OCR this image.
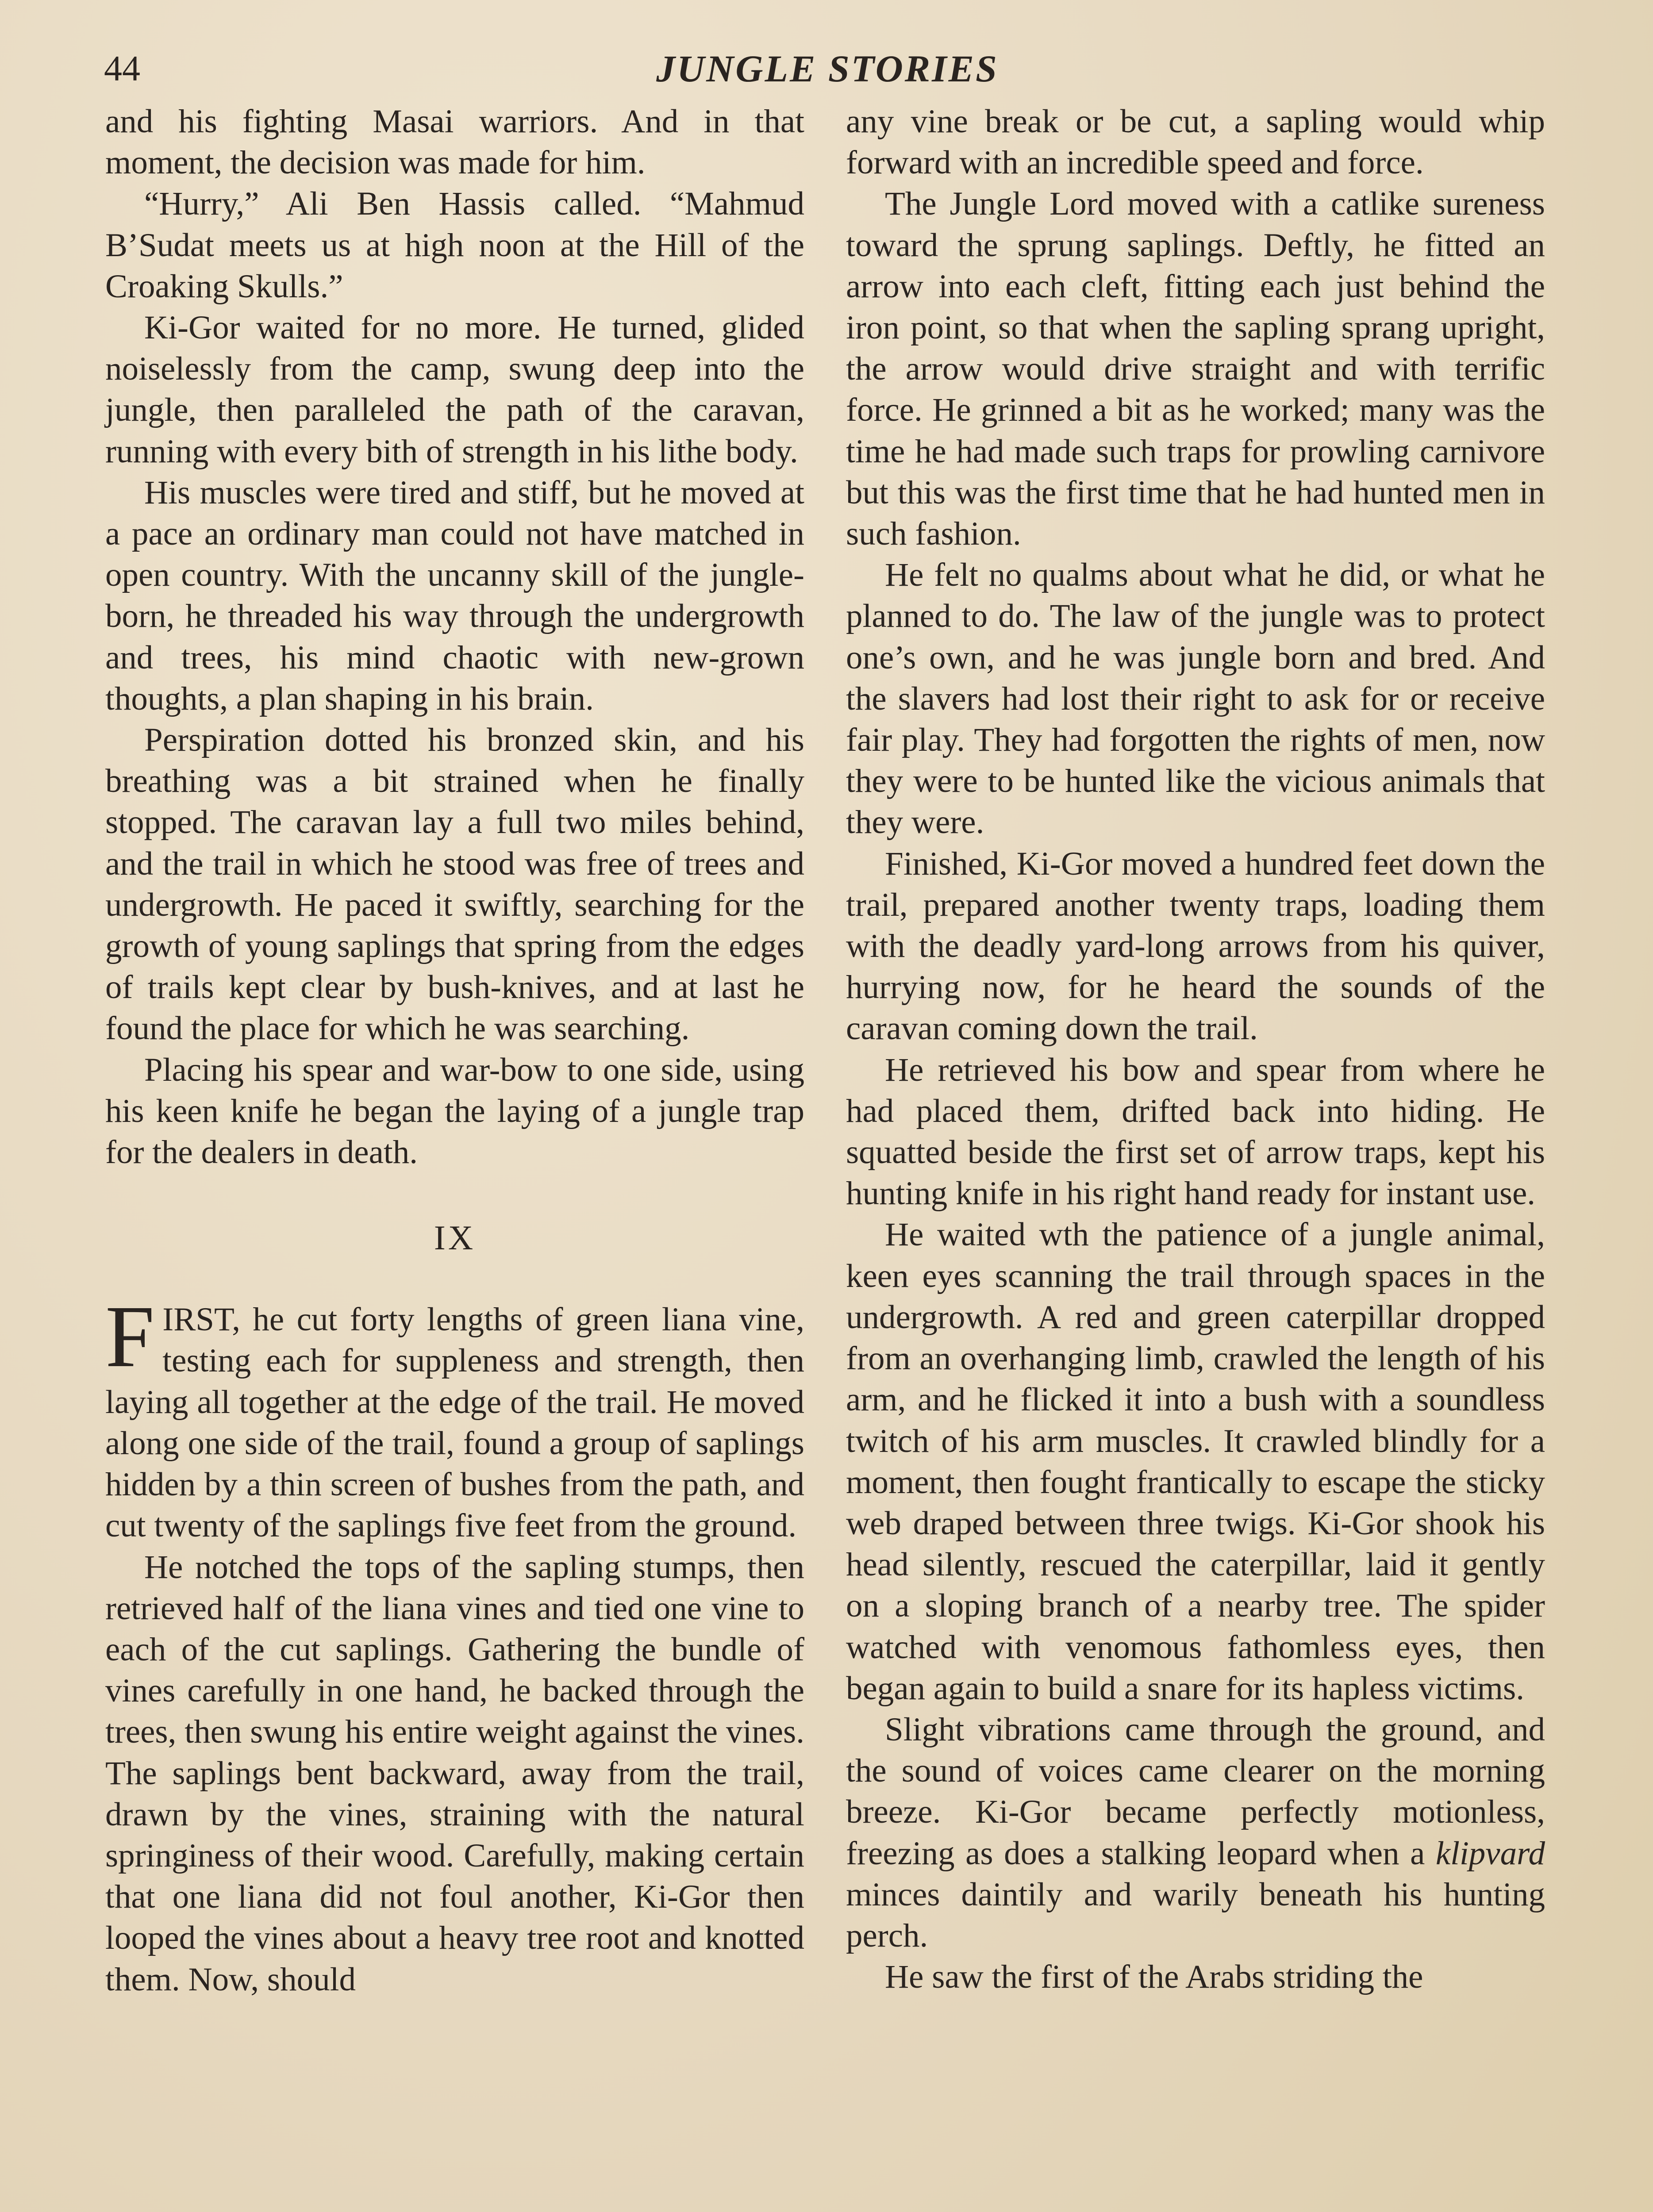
44	JUNGLE STORIES

and his fighting Masai warriors. And in that moment, the decision was made for him.

“Hurry,” Ali Ben Hassis called. “Mahmud B’Sudat meets us at high noon at the Hill of the Croaking Skulls.”

Ki-Gor waited for no more. He turned, glided noiselessly from the camp, swung deep into the jungle, then paralleled the path of the caravan, running with every bith of strength in his lithe body.

His muscles were tired and stiff, but he moved at a pace an ordinary man could not have matched in open country. With the uncanny skill of the jungle-born, he threaded his way through the undergrowth and trees, his mind chaotic with new-grown thoughts, a plan shaping in his brain.

Perspiration dotted his bronzed skin, and his breathing was a bit strained when he finally stopped. The caravan lay a full two miles behind, and the trail in which he stood was free of trees and undergrowth. He paced it swiftly, searching for the growth of young saplings that spring from the edges of trails kept clear by bush-knives, and at last he found the place for which he was searching.

Placing his spear and war-bow to one side, using his keen knife he began the laying of a jungle trap for the dealers in death.

IX

FIRST, he cut forty lengths of green liana vine, testing each for suppleness and strength, then laying all together at the edge of the trail. He moved along one side of the trail, found a group of saplings hidden by a thin screen of bushes from the path, and cut twenty of the saplings five feet from the ground.

He notched the tops of the sapling stumps, then retrieved half of the liana vines and tied one vine to each of the cut saplings. Gathering the bundle of vines carefully in one hand, he backed through the trees, then swung his entire weight against the vines. The saplings bent backward, away from the trail, drawn by the vines, straining with the natural springiness of their wood. Carefully, making certain that one liana did not foul another, Ki-Gor then looped the vines about a heavy tree root and knotted them. Now, should

any vine break or be cut, a sapling would whip forward with an incredible speed and force.

The Jungle Lord moved with a catlike sureness toward the sprung saplings. Deftly, he fitted an arrow into each cleft, fitting each just behind the iron point, so that when the sapling sprang upright, the arrow would drive straight and with terrific force. He grinned a bit as he worked; many was the time he had made such traps for prowling carnivore but this was the first time that he had hunted men in such fashion.

He felt no qualms about what he did, or what he planned to do. The law of the jungle was to protect one’s own, and he was jungle born and bred. And the slavers had lost their right to ask for or receive fair play. They had forgotten the rights of men, now they were to be hunted like the vicious animals that they were.

Finished, Ki-Gor moved a hundred feet down the trail, prepared another twenty traps, loading them with the deadly yard-long arrows from his quiver, hurrying now, for he heard the sounds of the caravan coming down the trail.

He retrieved his bow and spear from where he had placed them, drifted back into hiding. He squatted beside the first set of arrow traps, kept his hunting knife in his right hand ready for instant use.

He waited wth the patience of a jungle animal, keen eyes scanning the trail through spaces in the undergrowth. A red and green caterpillar dropped from an overhanging limb, crawled the length of his arm, and he flicked it into a bush with a soundless twitch of his arm muscles. It crawled blindly for a moment, then fought frantically to escape the sticky web draped between three twigs. Ki-Gor shook his head silently, rescued the caterpillar, laid it gently on a sloping branch of a nearby tree. The spider watched with venomous fathomless eyes, then began again to build a snare for its hapless victims.

Slight vibrations came through the ground, and the sound of voices came clearer on the morning breeze. Ki-Gor became perfectly motionless, freezing as does a stalking leopard when a klipvard minces daintily and warily beneath his hunting perch.

He saw the first of the Arabs striding the
